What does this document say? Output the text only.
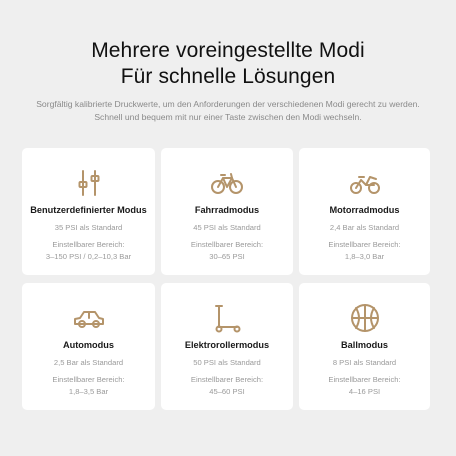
Mehrere voreingestellte Modi
Für schnelle Lösungen
Sorgfältig kalibrierte Druckwerte, um den Anforderungen der verschiedenen Modi gerecht zu werden. Schnell und bequem mit nur einer Taste zwischen den Modi wechseln.
Benutzerdefinierter Modus
35 PSI als Standard
Einstellbarer Bereich:
3–150 PSI / 0,2–10,3 Bar
Fahrradmodus
45 PSI als Standard
Einstellbarer Bereich:
30–65 PSI
Motorradmodus
2,4 Bar als Standard
Einstellbarer Bereich:
1,8–3,0 Bar
Automodus
2,5 Bar als Standard
Einstellbarer Bereich:
1,8–3,5 Bar
Elektrorollermodus
50 PSI als Standard
Einstellbarer Bereich:
45–60 PSI
Ballmodus
8 PSI als Standard
Einstellbarer Bereich:
4–16 PSI
